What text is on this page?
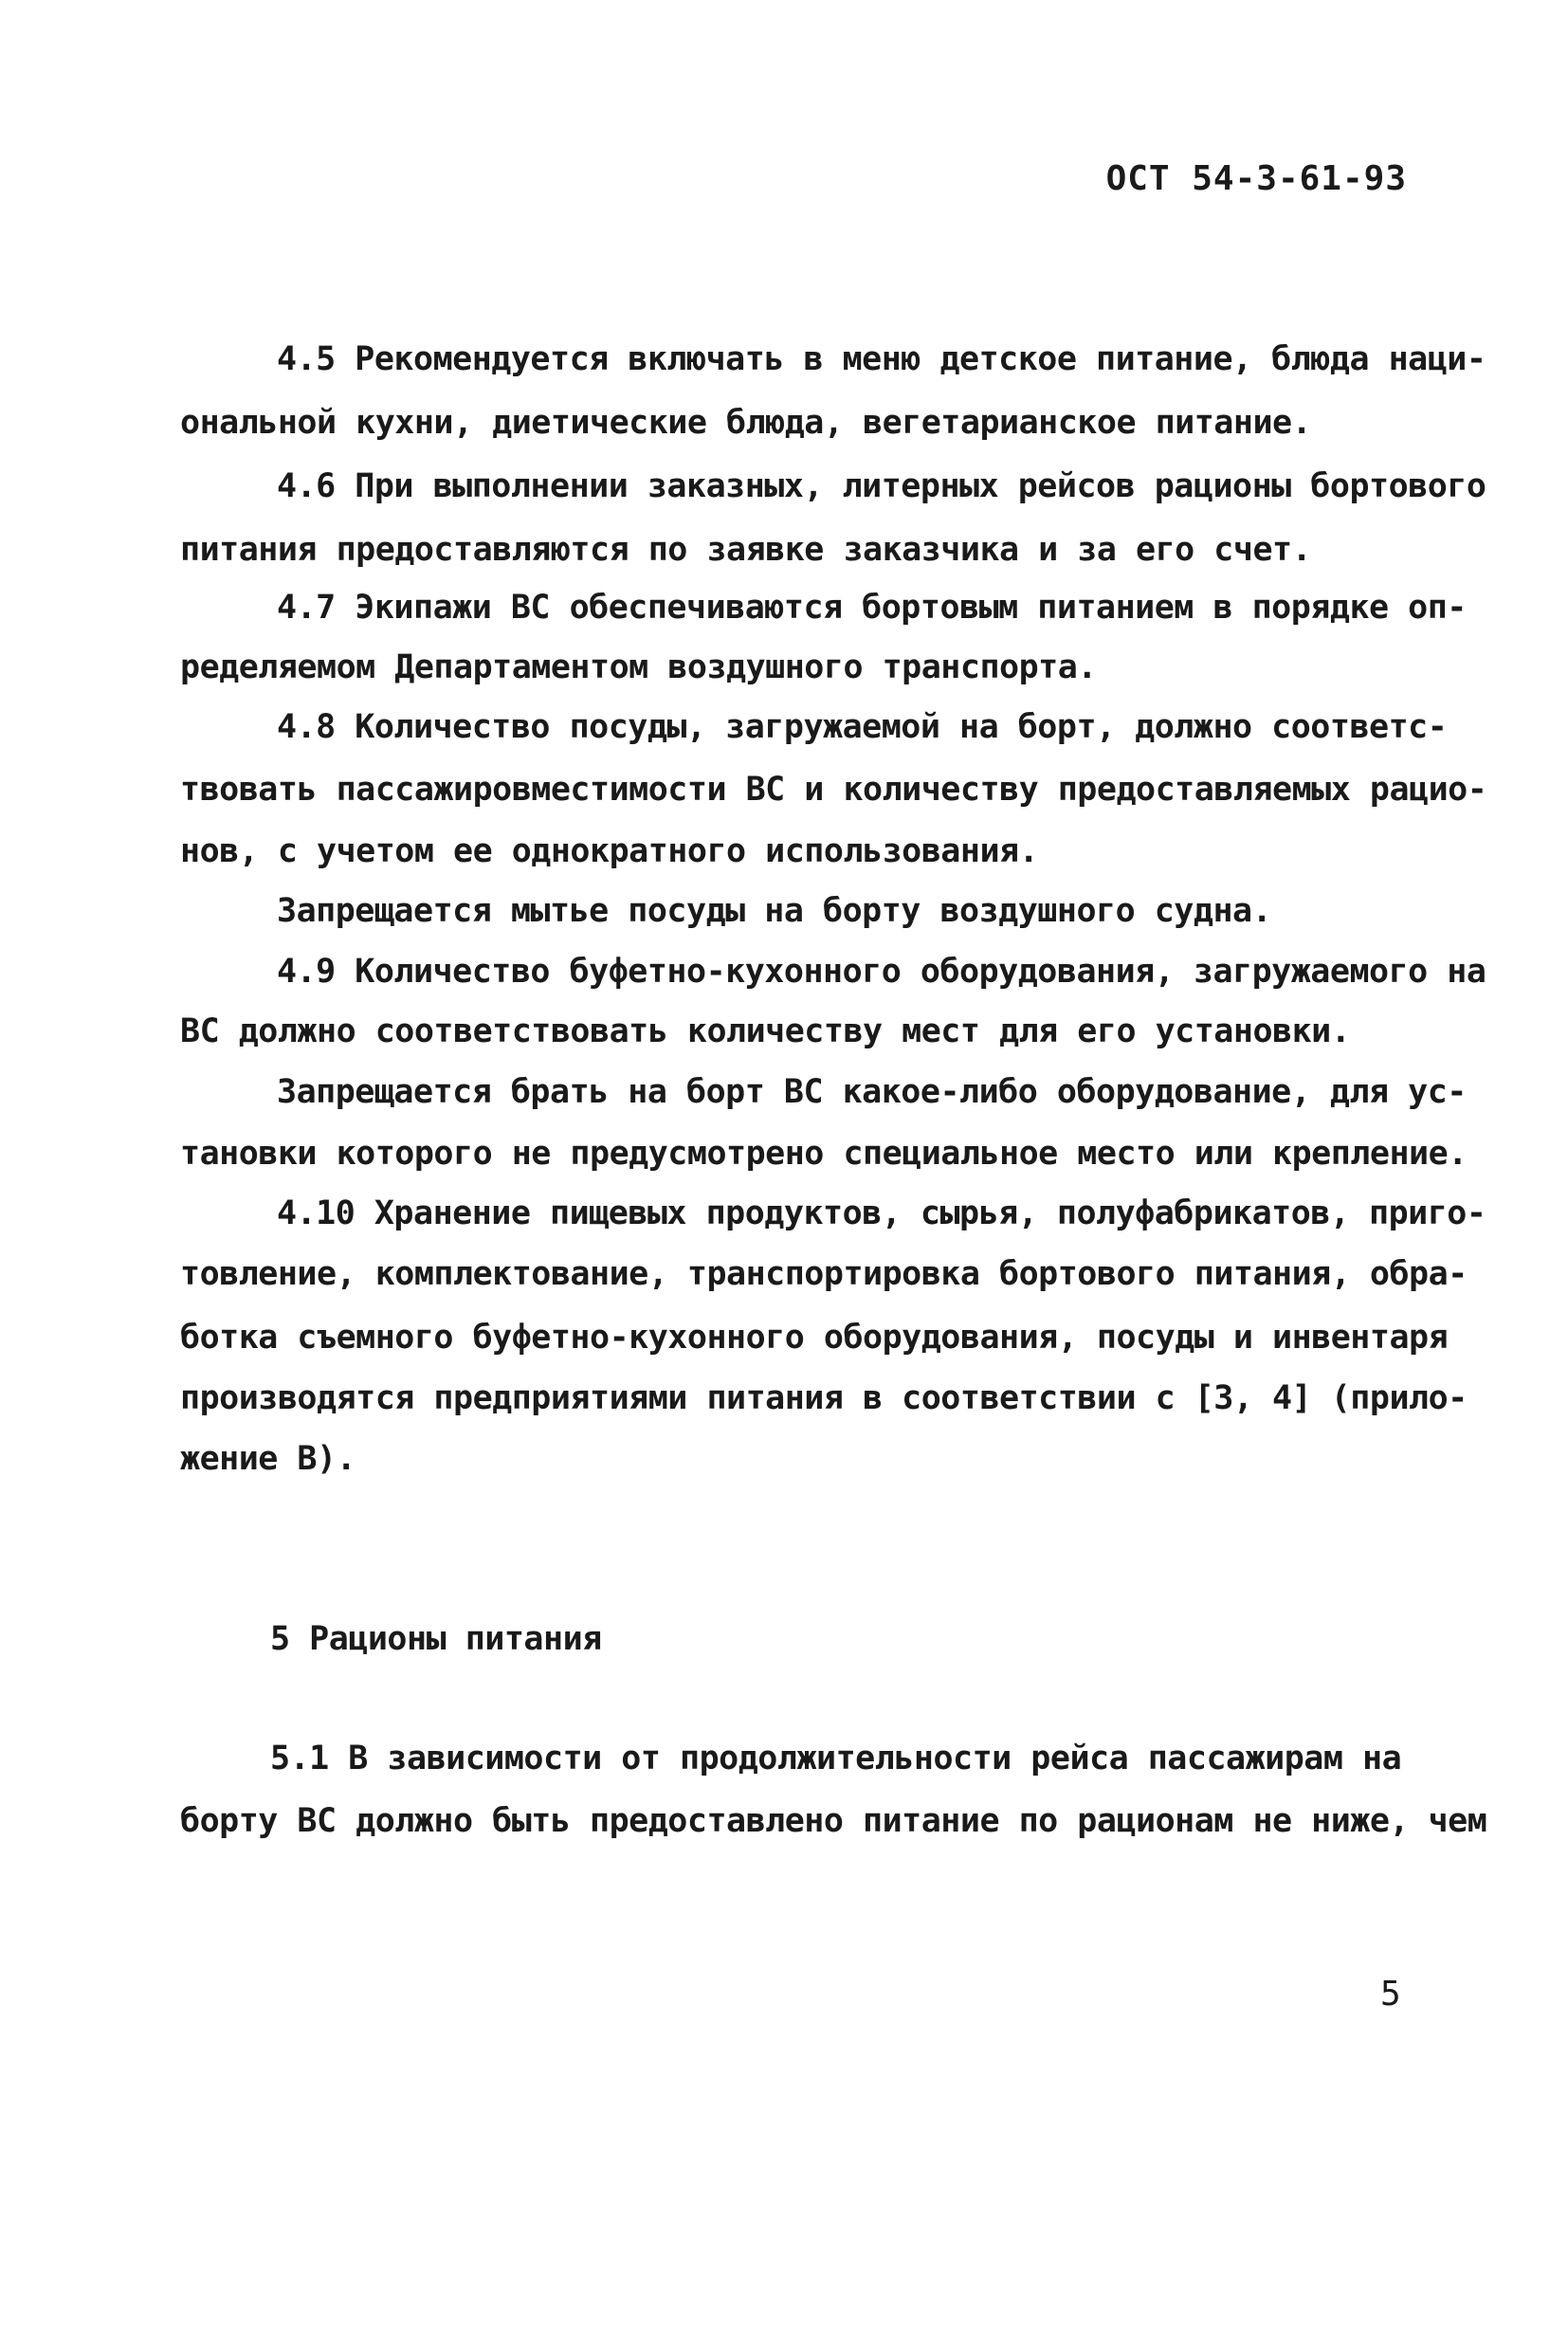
ОСТ 54-3-61-93
4.5 Рекомендуется включать в меню детское питание, блюда наци-
ональной кухни, диетические блюда, вегетарианское питание.
4.6 При выполнении заказных, литерных рейсов рационы бортового
питания предоставляются по заявке заказчика и за его счет.
4.7 Экипажи ВС обеспечиваются бортовым питанием в порядке оп-
ределяемом Департаментом воздушного транспорта.
4.8 Количество посуды, загружаемой на борт, должно соответс-
твовать пассажировместимости ВС и количеству предоставляемых рацио-
нов, с учетом ее однократного использования.
Запрещается мытье посуды на борту воздушного судна.
4.9 Количество буфетно-кухонного оборудования, загружаемого на
ВС должно соответствовать количеству мест для его установки.
Запрещается брать на борт ВС какое-либо оборудование, для ус-
тановки которого не предусмотрено специальное место или крепление.
4.10 Хранение пищевых продуктов, сырья, полуфабрикатов, приго-
товление, комплектование, транспортировка бортового питания, обра-
ботка съемного буфетно-кухонного оборудования, посуды и инвентаря
производятся предприятиями питания в соответствии с [3, 4] (прило-
жение В).
5 Рационы питания
5.1 В зависимости от продолжительности рейса пассажирам на
борту ВС должно быть предоставлено питание по рационам не ниже, чем
5
